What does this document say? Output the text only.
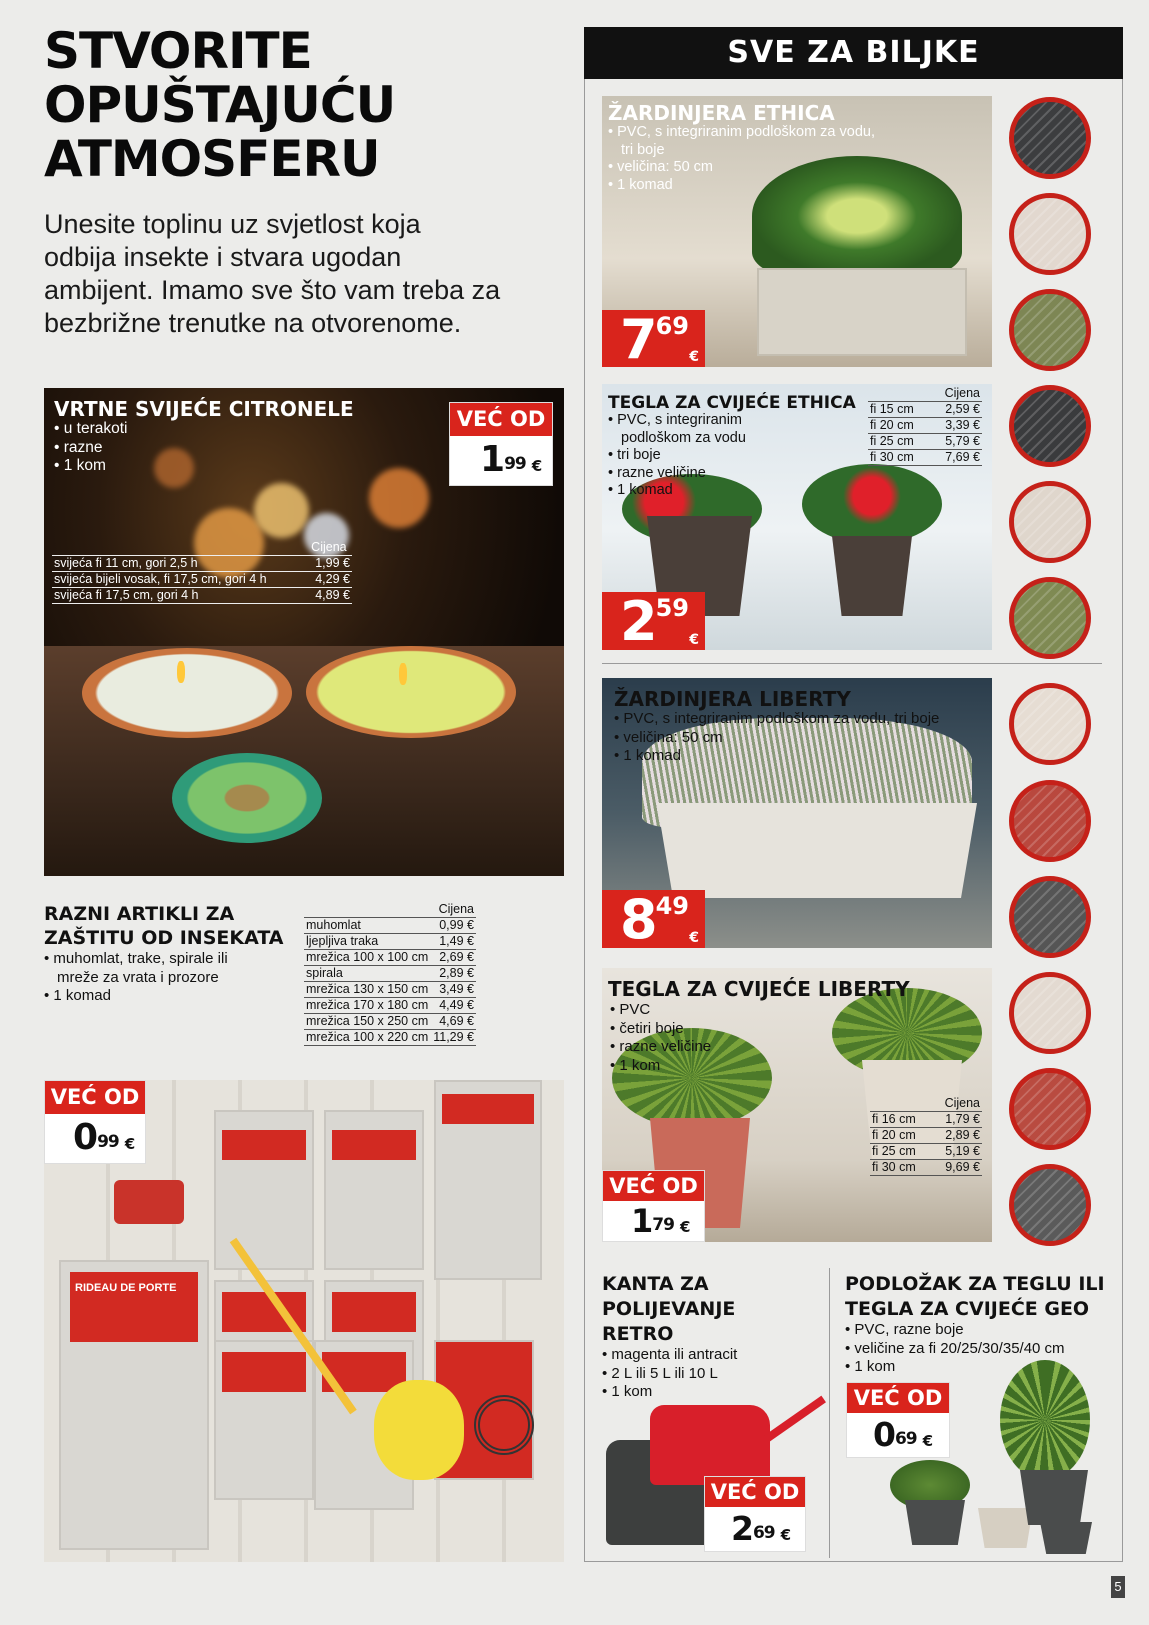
STVORITE
OPUŠTAJUĆU
ATMOSFERU
Unesite toplinu uz svjetlost koja
odbija insekte i stvara ugodan
ambijent. Imamo sve što vam treba za
bezbrižne trenutke na otvorenome.
VRTNE SVIJEĆE CITRONELE
• u terakoti
• razne
• 1 kom
VEĆ OD
$1^{99}$ €
	Cijena
svijeća fi 11 cm, gori 2,5 h	1,99 €
svijeća bijeli vosak, fi 17,5 cm, gori 4 h	4,29 €
svijeća fi 17,5 cm, gori 4 h	4,89 €
RAZNI ARTIKLI ZA
ZAŠTITU OD INSEKATA
• muhomlat, trake, spirale ili
mreže za vrata i prozore
• 1 komad
	Cijena
muhomlat	0,99 €
ljepljiva traka	1,49 €
mrežica 100 x 100 cm	2,69 €
spirala	2,89 €
mrežica 130 x 150 cm	3,49 €
mrežica 170 x 180 cm	4,49 €
mrežica 150 x 250 cm	4,69 €
mrežica 100 x 220 cm	11,29 €
RIDEAU DE PORTE
VEĆ OD
$0^{99}$ €
SVE ZA BILJKE
ŽARDINJERA ETHICA
• PVC, s integriranim podloškom za vodu,
tri boje
• veličina: 50 cm
• 1 komad
$7^{69}$
€
TEGLA ZA CVIJEĆE ETHICA
• PVC, s integriranim
podloškom za vodu
• tri boje
• razne veličine
• 1 komad
	Cijena
fi 15 cm	2,59 €
fi 20 cm	3,39 €
fi 25 cm	5,79 €
fi 30 cm	7,69 €
$2^{59}$
€
ŽARDINJERA LIBERTY
• PVC, s integriranim podloškom za vodu, tri boje
• veličina: 50 cm
• 1 komad
$8^{49}$
€
TEGLA ZA CVIJEĆE LIBERTY
• PVC
• četiri boje
• razne veličine
• 1 kom
	Cijena
fi 16 cm	1,79 €
fi 20 cm	2,89 €
fi 25 cm	5,19 €
fi 30 cm	9,69 €
VEĆ OD
$1^{79}$ €
KANTA ZA
POLIJEVANJE
RETRO
• magenta ili antracit
• 2 L ili 5 L ili 10 L
• 1 kom
VEĆ OD
$2^{69}$ €
PODLOŽAK ZA TEGLU ILI
TEGLA ZA CVIJEĆE GEO
• PVC, razne boje
• veličine za fi 20/25/30/35/40 cm
• 1 kom
VEĆ OD
$0^{69}$ €
5
